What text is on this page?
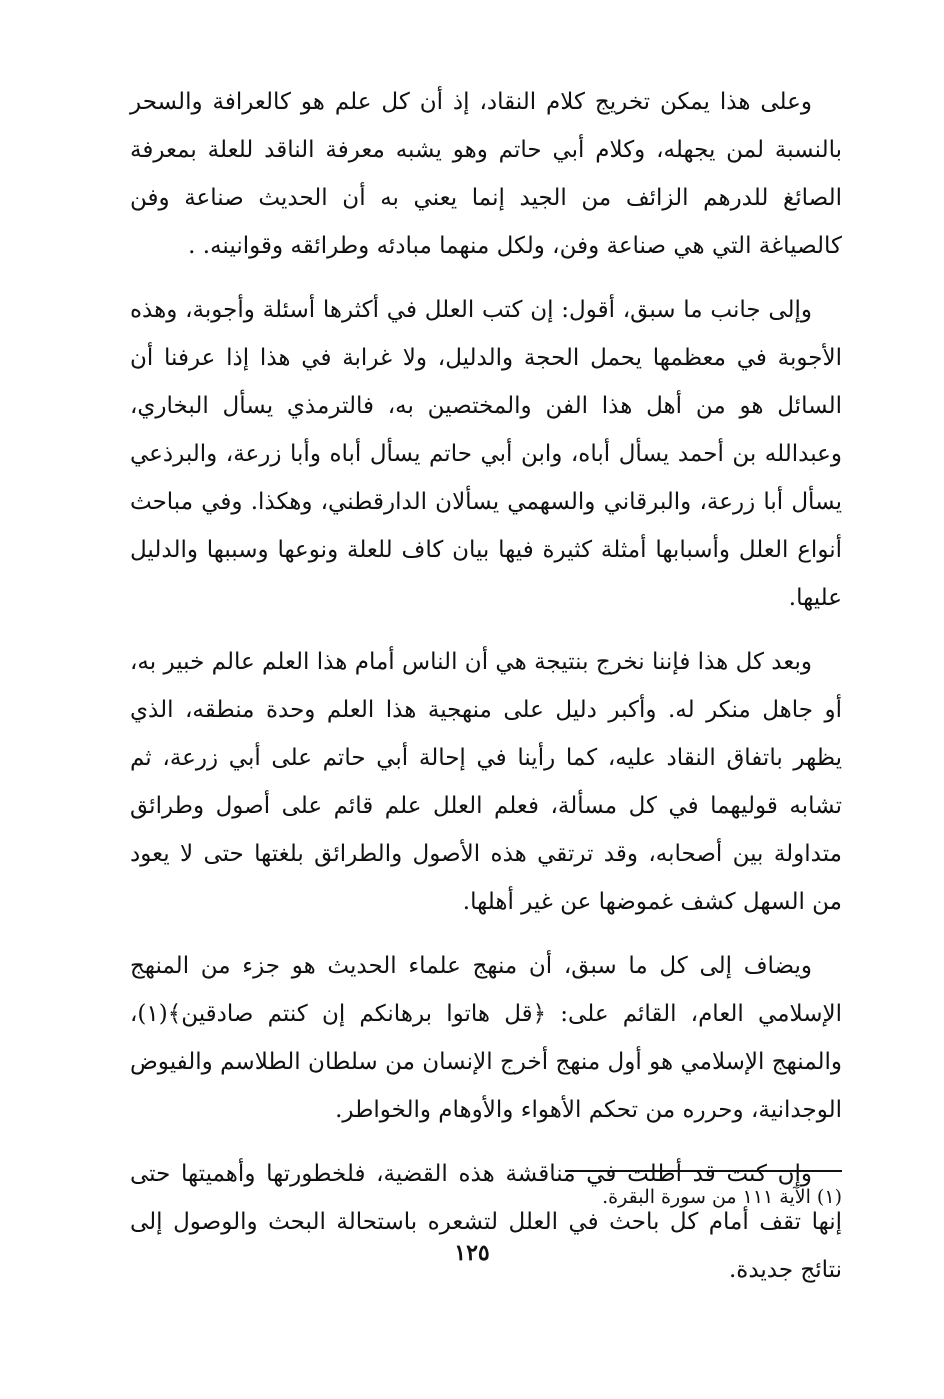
وعلى هذا يمكن تخريج كلام النقاد، إذ أن كل علم هو كالعرافة والسحر بالنسبة لمن يجهله، وكلام أبي حاتم وهو يشبه معرفة الناقد للعلة بمعرفة الصائغ للدرهم الزائف من الجيد إنما يعني به أن الحديث صناعة وفن كالصياغة التي هي صناعة وفن، ولكل منهما مبادئه وطرائقه وقوانينه. .

وإلى جانب ما سبق، أقول: إن كتب العلل في أكثرها أسئلة وأجوبة، وهذه الأجوبة في معظمها يحمل الحجة والدليل، ولا غرابة في هذا إذا عرفنا أن السائل هو من أهل هذا الفن والمختصين به، فالترمذي يسأل البخاري، وعبدالله بن أحمد يسأل أباه، وابن أبي حاتم يسأل أباه وأبا زرعة، والبرذعي يسأل أبا زرعة، والبرقاني والسهمي يسألان الدارقطني، وهكذا. وفي مباحث أنواع العلل وأسبابها أمثلة كثيرة فيها بيان كاف للعلة ونوعها وسببها والدليل عليها.

وبعد كل هذا فإننا نخرج بنتيجة هي أن الناس أمام هذا العلم عالم خبير به، أو جاهل منكر له. وأكبر دليل على منهجية هذا العلم وحدة منطقه، الذي يظهر باتفاق النقاد عليه، كما رأينا في إحالة أبي حاتم على أبي زرعة، ثم تشابه قوليهما في كل مسألة، فعلم العلل علم قائم على أصول وطرائق متداولة بين أصحابه، وقد ترتقي هذه الأصول والطرائق بلغتها حتى لا يعود من السهل كشف غموضها عن غير أهلها.

ويضاف إلى كل ما سبق، أن منهج علماء الحديث هو جزء من المنهج الإسلامي العام، القائم على: ﴿قل هاتوا برهانكم إن كنتم صادقين﴾(١)، والمنهج الإسلامي هو أول منهج أخرج الإنسان من سلطان الطلاسم والفيوض الوجدانية، وحرره من تحكم الأهواء والأوهام والخواطر.

وإن كنت قد أطلت في مناقشة هذه القضية، فلخطورتها وأهميتها حتى إنها تقف أمام كل باحث في العلل لتشعره باستحالة البحث والوصول إلى نتائج جديدة.

(١) الآية ١١١ من سورة البقرة.
١٢٥
